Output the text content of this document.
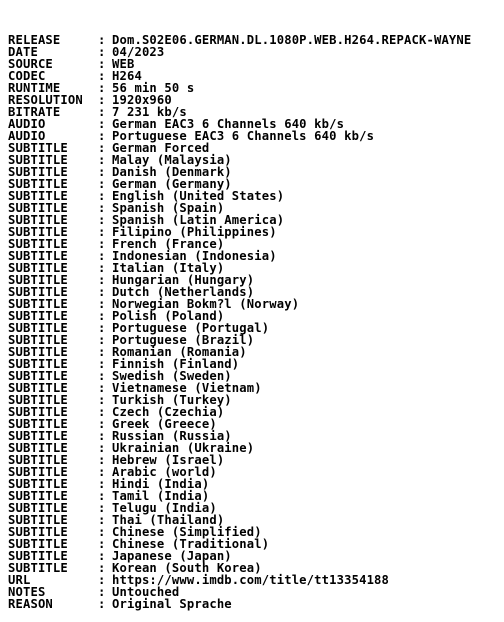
RELEASE	: Dom.S02E06.GERMAN.DL.1080P.WEB.H264.REPACK-WAYNE
DATE	: 04/2023
SOURCE	: WEB
CODEC	: H264
RUNTIME	: 56 min 50 s
RESOLUTION	: 1920x960
BITRATE	: 7 231 kb/s
AUDIO	: German EAC3 6 Channels 640 kb/s
AUDIO	: Portuguese EAC3 6 Channels 640 kb/s
SUBTITLE	: German Forced
SUBTITLE	: Malay (Malaysia)
SUBTITLE	: Danish (Denmark)
SUBTITLE	: German (Germany)
SUBTITLE	: English (United States)
SUBTITLE	: Spanish (Spain)
SUBTITLE	: Spanish (Latin America)
SUBTITLE	: Filipino (Philippines)
SUBTITLE	: French (France)
SUBTITLE	: Indonesian (Indonesia)
SUBTITLE	: Italian (Italy)
SUBTITLE	: Hungarian (Hungary)
SUBTITLE	: Dutch (Netherlands)
SUBTITLE	: Norwegian Bokm?l (Norway)
SUBTITLE	: Polish (Poland)
SUBTITLE	: Portuguese (Portugal)
SUBTITLE	: Portuguese (Brazil)
SUBTITLE	: Romanian (Romania)
SUBTITLE	: Finnish (Finland)
SUBTITLE	: Swedish (Sweden)
SUBTITLE	: Vietnamese (Vietnam)
SUBTITLE	: Turkish (Turkey)
SUBTITLE	: Czech (Czechia)
SUBTITLE	: Greek (Greece)
SUBTITLE	: Russian (Russia)
SUBTITLE	: Ukrainian (Ukraine)
SUBTITLE	: Hebrew (Israel)
SUBTITLE	: Arabic (world)
SUBTITLE	: Hindi (India)
SUBTITLE	: Tamil (India)
SUBTITLE	: Telugu (India)
SUBTITLE	: Thai (Thailand)
SUBTITLE	: Chinese (Simplified)
SUBTITLE	: Chinese (Traditional)
SUBTITLE	: Japanese (Japan)
SUBTITLE	: Korean (South Korea)
URL	: https://www.imdb.com/title/tt13354188
NOTES	: Untouched
REASON	: Original Sprache
